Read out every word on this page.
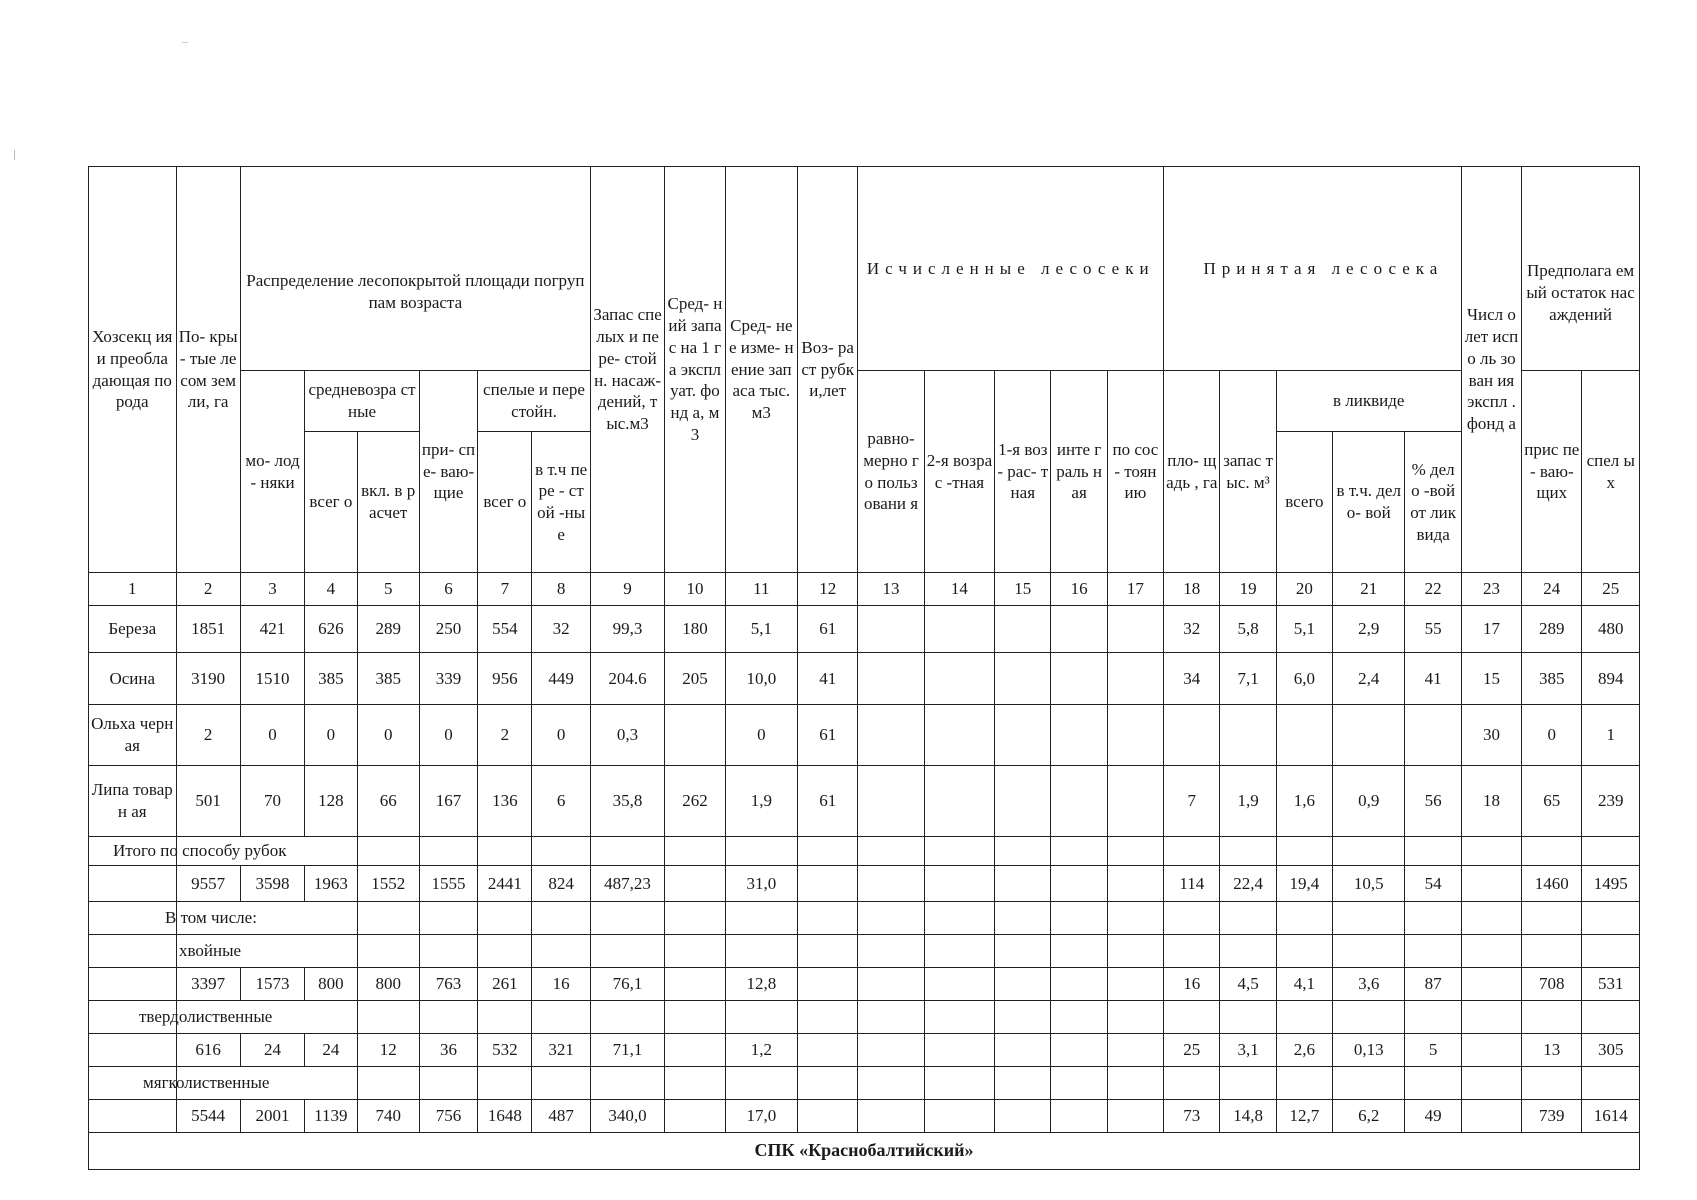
Хозсекц ия и преобла дающая порода	По- кры- тые лесом земли, га	Распределение лесопокрытой площади погруппам возраста						Запас спелых и пере- стойн. насаж- дений, тыс.м3	Сред- ний запас на 1 га экспл уат. фонд а, м3	Сред- нее изме- нение запаса тыс. м3	Воз- раст рубк и,лет	Исчисленные лесосеки					Принятая лесосека					Числ о лет испо ль зован ия экспл . фонд а	Предполага емый остаток насаждений	
		мо- лод- няки	средневозра стные		при- спе- ваю- щие	спелые и перестойн.						равно- мерно го польз овани я	2-я возрас -тная	1-я воз- рас- тная	инте граль ная	по сос- тоян ию	пло- щадь , га	запас тыс. м³	в ликвиде				прис пе- ваю- щих	спел ых
			всег о	вкл. в расчет		всег о	в т.ч пере - стой -ные												всего	в т.ч. дело- вой	% дело -вой от лик вида			
1	2	3	4	5	6	7	8	9	10	11	12	13	14	15	16	17	18	19	20	21	22	23	24	25
Береза	1851	421	626	289	250	554	32	99,3	180	5,1	61						32	5,8	5,1	2,9	55	17	289	480
Осина	3190	1510	385	385	339	956	449	204.6	205	10,0	41						34	7,1	6,0	2,4	41	15	385	894
Ольха черная	2	0	0	0	0	2	0	0,3		0	61											30	0	1
Липа товарн ая	501	70	128	66	167	136	6	35,8	262	1,9	61						7	1,9	1,6	0,9	56	18	65	239
Итого по способу рубок																								
	9557	3598	1963	1552	1555	2441	824	487,23		31,0							114	22,4	19,4	10,5	54		1460	1495
В том числе:																								
хвойные																								
	3397	1573	800	800	763	261	16	76,1		12,8							16	4,5	4,1	3,6	87		708	531
твердолиственные																								
	616	24	24	12	36	532	321	71,1		1,2							25	3,1	2,6	0,13	5		13	305
мягколиственные																								
	5544	2001	1139	740	756	1648	487	340,0		17,0							73	14,8	12,7	6,2	49		739	1614
СПК «Краснобалтийский»																								
